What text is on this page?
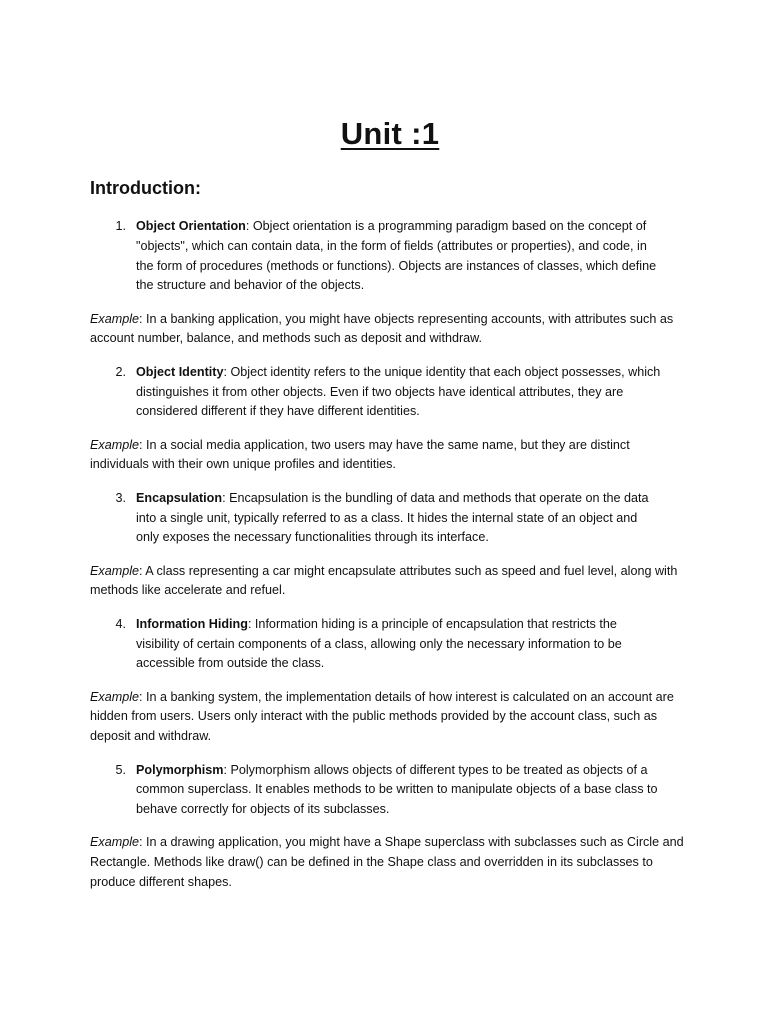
Unit :1
Introduction:
1. Object Orientation: Object orientation is a programming paradigm based on the concept of "objects", which can contain data, in the form of fields (attributes or properties), and code, in the form of procedures (methods or functions). Objects are instances of classes, which define the structure and behavior of the objects.

Example: In a banking application, you might have objects representing accounts, with attributes such as account number, balance, and methods such as deposit and withdraw.

2. Object Identity: Object identity refers to the unique identity that each object possesses, which distinguishes it from other objects. Even if two objects have identical attributes, they are considered different if they have different identities.

Example: In a social media application, two users may have the same name, but they are distinct individuals with their own unique profiles and identities.

3. Encapsulation: Encapsulation is the bundling of data and methods that operate on the data into a single unit, typically referred to as a class. It hides the internal state of an object and only exposes the necessary functionalities through its interface.

Example: A class representing a car might encapsulate attributes such as speed and fuel level, along with methods like accelerate and refuel.

4. Information Hiding: Information hiding is a principle of encapsulation that restricts the visibility of certain components of a class, allowing only the necessary information to be accessible from outside the class.

Example: In a banking system, the implementation details of how interest is calculated on an account are hidden from users. Users only interact with the public methods provided by the account class, such as deposit and withdraw.

5. Polymorphism: Polymorphism allows objects of different types to be treated as objects of a common superclass. It enables methods to be written to manipulate objects of a base class to behave correctly for objects of its subclasses.

Example: In a drawing application, you might have a Shape superclass with subclasses such as Circle and Rectangle. Methods like draw() can be defined in the Shape class and overridden in its subclasses to produce different shapes.
